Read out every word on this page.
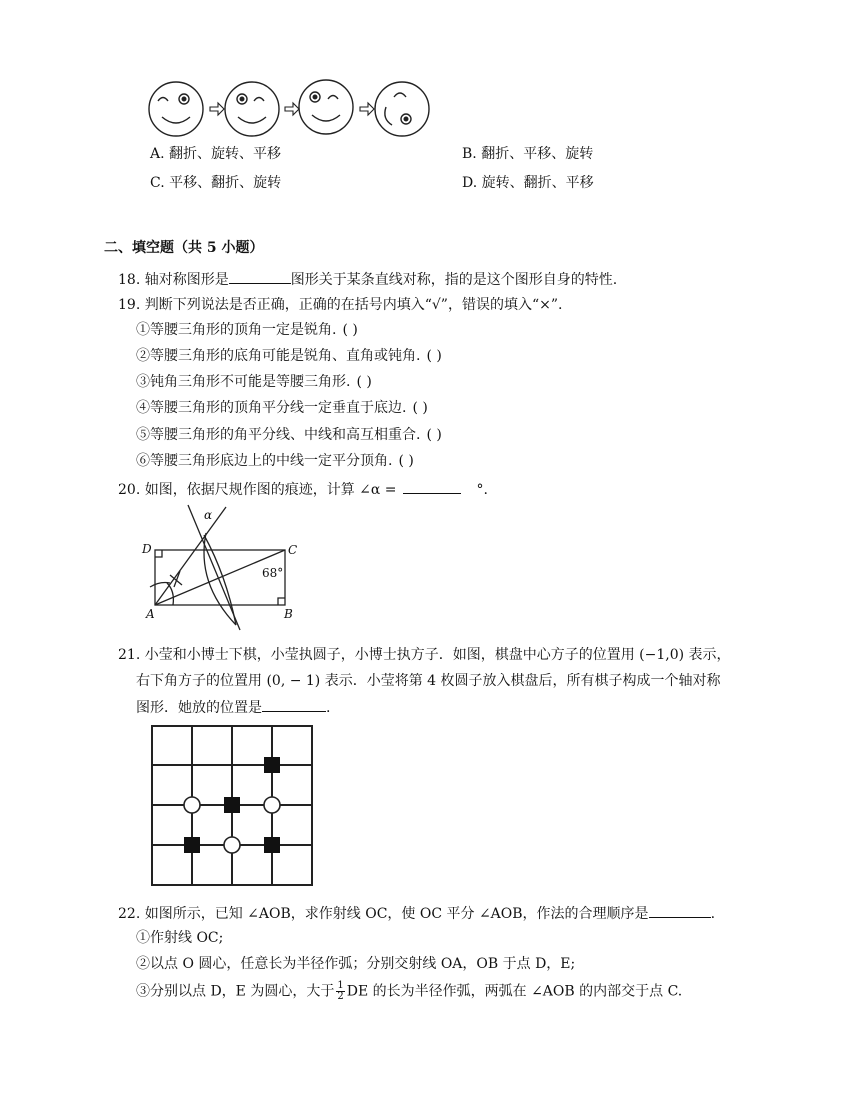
A. 翻折、旋转、平移	B. 翻折、平移、旋转
C. 平移、翻折、旋转	D. 旋转、翻折、平移
二、填空题（共 5 小题）
18. 轴对称图形是	图形关于某条直线对称，指的是这个图形自身的特性.
19. 判断下列说法是否正确，正确的在括号内填入“√”，错误的填入“×”.
①等腰三角形的顶角一定是锐角. ( )
②等腰三角形的底角可能是锐角、直角或钝角. ( )
③钝角三角形不可能是等腰三角形. ( )
④等腰三角形的顶角平分线一定垂直于底边. ( )
⑤等腰三角形的角平分线、中线和高互相重合. ( )
⑥等腰三角形底边上的中线一定平分顶角. ( )
20. 如图，依据尺规作图的痕迹，计算 ∠α =	°.
D	C
A	B
68°
α
21. 小莹和小博士下棋，小莹执圆子，小博士执方子．如图，棋盘中心方子的位置用 (−1,0) 表示，
右下角方子的位置用 (0, − 1) 表示．小莹将第 4 枚圆子放入棋盘后，所有棋子构成一个轴对称
图形．她放的位置是	.
22. 如图所示，已知 ∠AOB，求作射线 OC，使 OC 平分 ∠AOB，作法的合理顺序是	.
①作射线 OC;
②以点 O 圆心，任意长为半径作弧；分别交射线 OA，OB 于点 D，E;
③分别以点 D，E 为圆心，大于 $\frac{1}{2}$ DE 的长为半径作弧，两弧在 ∠AOB 的内部交于点 C.
